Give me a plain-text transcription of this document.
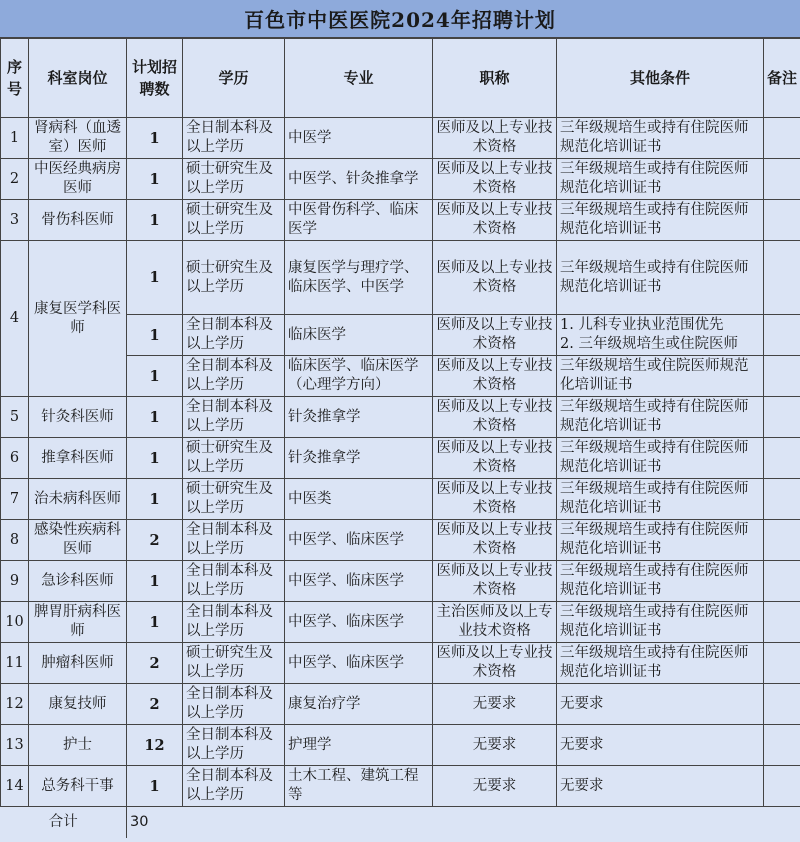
百色市中医医院2024年招聘计划
序号	科室岗位	计划招聘数	学历	专业	职称	其他条件	备注
1	肾病科（血透室）医师	1	全日制本科及以上学历	中医学	医师及以上专业技术资格	三年级规培生或持有住院医师规范化培训证书	
2	中医经典病房医师	1	硕士研究生及以上学历	中医学、针灸推拿学	医师及以上专业技术资格	三年级规培生或持有住院医师规范化培训证书	
3	骨伤科医师	1	硕士研究生及以上学历	中医骨伤科学、临床医学	医师及以上专业技术资格	三年级规培生或持有住院医师规范化培训证书	
4	康复医学科医师	1	硕士研究生及以上学历	康复医学与理疗学、临床医学、中医学	医师及以上专业技术资格	三年级规培生或持有住院医师规范化培训证书	
		1	全日制本科及以上学历	临床医学	医师及以上专业技术资格	1. 儿科专业执业范围优先
2. 三年级规培生或住院医师	
		1	全日制本科及以上学历	临床医学、临床医学（心理学方向）	医师及以上专业技术资格	三年级规培生或住院医师规范化培训证书	
5	针灸科医师	1	全日制本科及以上学历	针灸推拿学	医师及以上专业技术资格	三年级规培生或持有住院医师规范化培训证书	
6	推拿科医师	1	硕士研究生及以上学历	针灸推拿学	医师及以上专业技术资格	三年级规培生或持有住院医师规范化培训证书	
7	治未病科医师	1	硕士研究生及以上学历	中医类	医师及以上专业技术资格	三年级规培生或持有住院医师规范化培训证书	
8	感染性疾病科医师	2	全日制本科及以上学历	中医学、临床医学	医师及以上专业技术资格	三年级规培生或持有住院医师规范化培训证书	
9	急诊科医师	1	全日制本科及以上学历	中医学、临床医学	医师及以上专业技术资格	三年级规培生或持有住院医师规范化培训证书	
10	脾胃肝病科医师	1	全日制本科及以上学历	中医学、临床医学	主治医师及以上专业技术资格	三年级规培生或持有住院医师规范化培训证书	
11	肿瘤科医师	2	硕士研究生及以上学历	中医学、临床医学	医师及以上专业技术资格	三年级规培生或持有住院医师规范化培训证书	
12	康复技师	2	全日制本科及以上学历	康复治疗学	无要求	无要求	
13	护士	12	全日制本科及以上学历	护理学	无要求	无要求	
14	总务科干事	1	全日制本科及以上学历	土木工程、建筑工程等	无要求	无要求	
合计		30					
